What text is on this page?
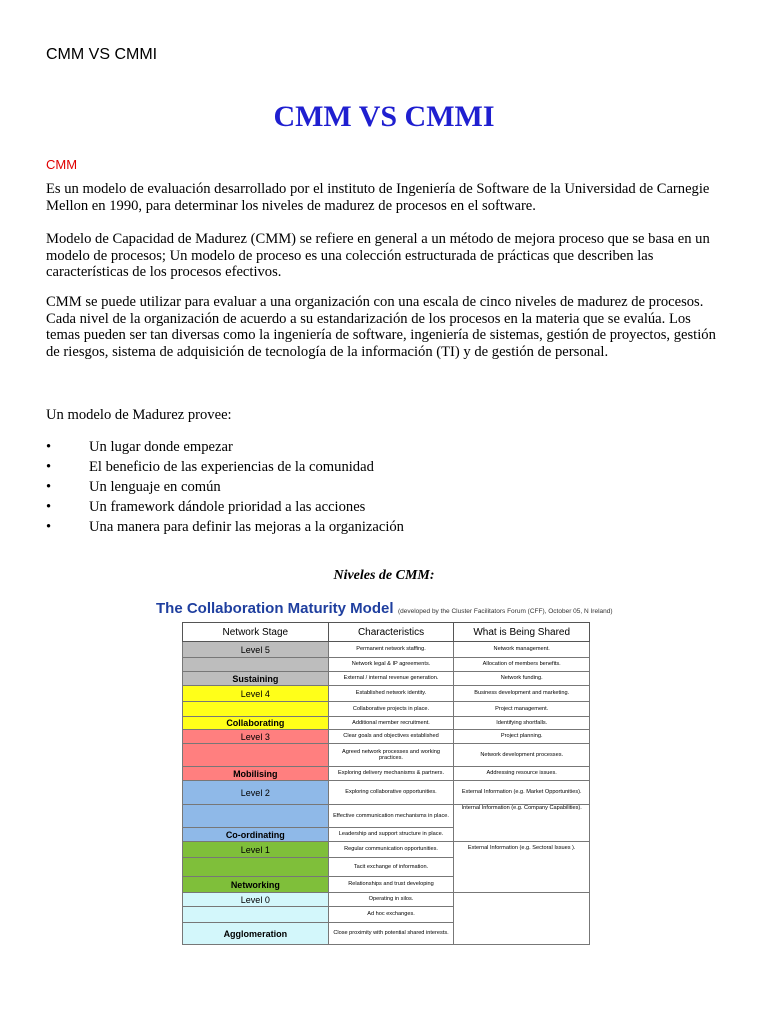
CMM VS CMMI
CMM VS CMMI
CMM

Es un modelo de evaluación desarrollado por el instituto de Ingeniería de Software de la Universidad de Carnegie Mellon en 1990, para determinar los niveles de madurez de procesos en el software.

Modelo de Capacidad de Madurez (CMM) se refiere en general a un método de mejora proceso que se basa en un modelo de procesos; Un modelo de proceso es una colección estructurada de prácticas que describen las características de los procesos efectivos.

CMM se puede utilizar para evaluar a una organización con una escala de cinco niveles de madurez de procesos. Cada nivel de la organización de acuerdo a su estandarización de los procesos en la materia que se evalúa. Los temas pueden ser tan diversas como la ingeniería de software, ingeniería de sistemas, gestión de proyectos, gestión de riesgos, sistema de adquisición de tecnología de la información (TI) y de gestión de personal.

Un modelo de Madurez provee:

•	Un lugar donde empezar
•	El beneficio de las experiencias de la comunidad
•	Un lenguaje en común
•	Un framework dándole prioridad a las acciones
•	Una manera para definir las mejoras a la organización
Niveles de CMM:
The Collaboration Maturity Model (developed by the Cluster Facilitators Forum (CFF), October 05, N Ireland)
Network Stage	Characteristics	What is Being Shared
Level 5	Permanent network staffing.	Network management.
	Network legal & IP agreements.	Allocation of members benefits.
Sustaining	External / internal revenue generation.	Network funding.
Level 4	Established network identity.	Business development and marketing.
	Collaborative projects in place.	Project management.
Collaborating	Additional member recruitment.	Identifying shortfalls.
Level 3	Clear goals and objectives established	Project planning.
	Agreed network processes and working practices.	Network development processes.
Mobilising	Exploring delivery mechanisms & partners.	Addressing resource issues.
Level 2	Exploring collaborative opportunities.	External Information (e.g. Market Opportunities).
	Effective communication mechanisms in place.	Internal Information (e.g. Company Capabilities).
Co-ordinating	Leadership and support structure in place.	
Level 1	Regular communication opportunities.	External Information (e.g. Sectoral Issues ).
	Tacit exchange of information.	
Networking	Relationships and trust developing	
Level 0	Operating in silos.	
	Ad hoc exchanges.	
Agglomeration	Close proximity with potential shared interests.	
